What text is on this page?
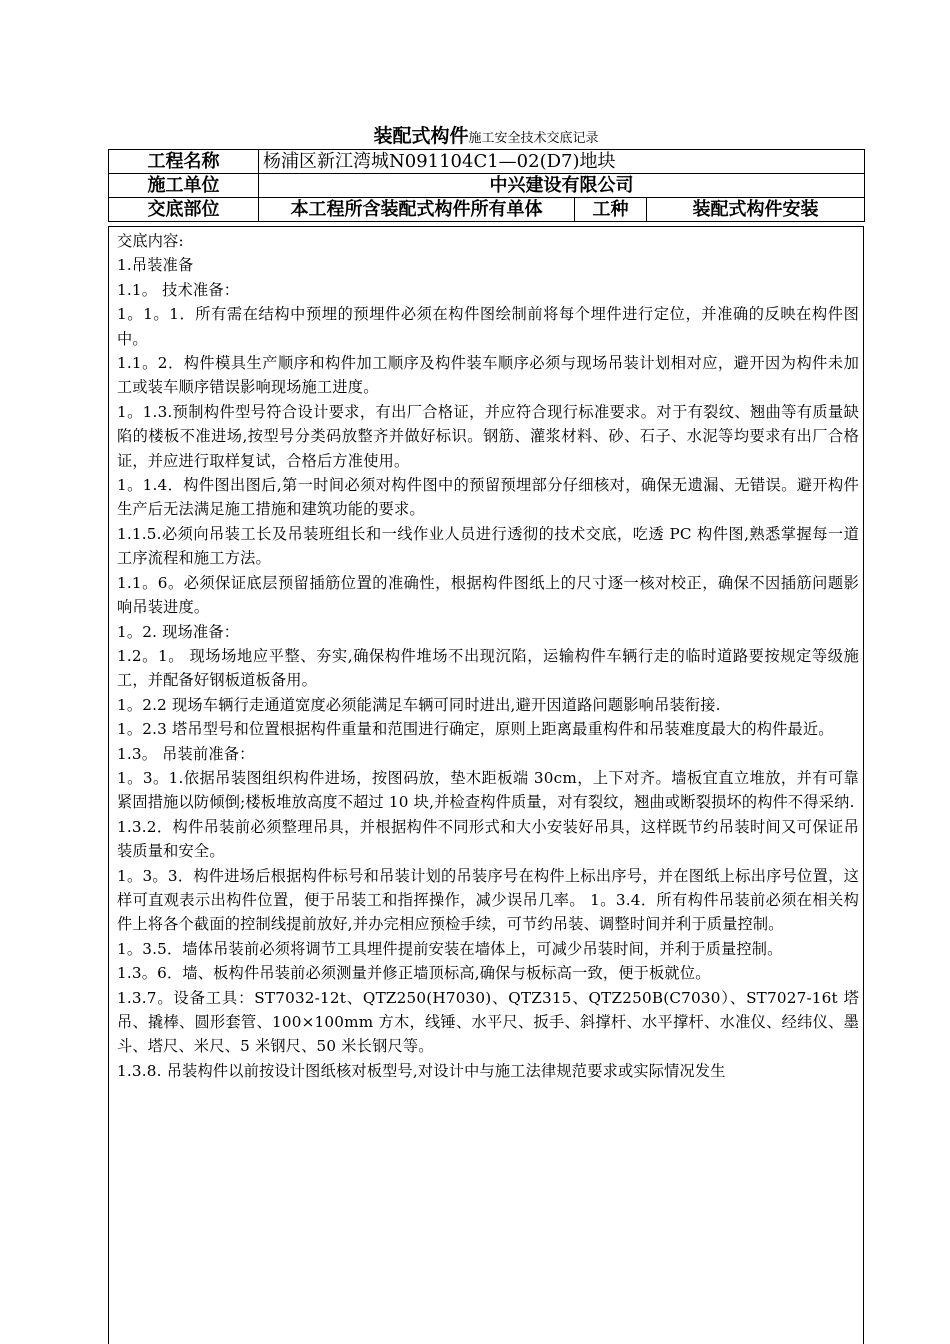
装配式构件施工安全技术交底记录
工程名称	杨浦区新江湾城N091104C1—02(D7)地块		
施工单位	中兴建设有限公司		
交底部位	本工程所含装配式构件所有单体	工种	装配式构件安装

交底内容:

1.吊装准备

1.1。 技术准备：

1。1。1．所有需在结构中预埋的预埋件必须在构件图绘制前将每个埋件进行定位，并准确的反映在构件图中。

1.1。2．构件模具生产顺序和构件加工顺序及构件装车顺序必须与现场吊装计划相对应，避开因为构件未加工或装车顺序错误影响现场施工进度。

1。1.3.预制构件型号符合设计要求，有出厂合格证，并应符合现行标准要求。对于有裂纹、翘曲等有质量缺陷的楼板不准进场,按型号分类码放整齐并做好标识。钢筋、灌浆材料、砂、石子、水泥等均要求有出厂合格证，并应进行取样复试，合格后方准使用。

1。1.4．构件图出图后,第一时间必须对构件图中的预留预埋部分仔细核对，确保无遗漏、无错误。避开构件生产后无法满足施工措施和建筑功能的要求。

1.1.5.必须向吊装工长及吊装班组长和一线作业人员进行透彻的技术交底，吃透 PC 构件图,熟悉掌握每一道工序流程和施工方法。

1.1。6。必须保证底层预留插筋位置的准确性，根据构件图纸上的尺寸逐一核对校正，确保不因插筋问题影响吊装进度。

1。2. 现场准备：

1.2。1。 现场场地应平整、夯实,确保构件堆场不出现沉陷，运输构件车辆行走的临时道路要按规定等级施工，并配备好钢板道板备用。

1。2.2 现场车辆行走通道宽度必须能满足车辆可同时进出,避开因道路问题影响吊装衔接.

1。2.3 塔吊型号和位置根据构件重量和范围进行确定，原则上距离最重构件和吊装难度最大的构件最近。

1.3。 吊装前准备：

1。3。1.依据吊装图组织构件进场，按图码放，垫木距板端 30cm，上下对齐。墙板宜直立堆放，并有可靠紧固措施以防倾倒;楼板堆放高度不超过 10 块,并检查构件质量，对有裂纹，翘曲或断裂损坏的构件不得采纳.

1.3.2．构件吊装前必须整理吊具，并根据构件不同形式和大小安装好吊具，这样既节约吊装时间又可保证吊装质量和安全。

1。3。3．构件进场后根据构件标号和吊装计划的吊装序号在构件上标出序号，并在图纸上标出序号位置，这样可直观表示出构件位置，便于吊装工和指挥操作，减少误吊几率。 1。3.4．所有构件吊装前必须在相关构件上将各个截面的控制线提前放好,并办完相应预检手续，可节约吊装、调整时间并利于质量控制。

1。3.5．墙体吊装前必须将调节工具埋件提前安装在墙体上，可减少吊装时间，并利于质量控制。

1.3。6．墙、板构件吊装前必须测量并修正墙顶标高,确保与板标高一致，便于板就位。

1.3.7。设备工具：ST7032-12t、QTZ250(H7030)、QTZ315、QTZ250B(C7030）、ST7027-16t 塔吊、撬棒、圆形套管、100×100mm 方木，线锤、水平尺、扳手、斜撑杆、水平撑杆、水准仪、经纬仪、墨斗、塔尺、米尺、5 米钢尺、50 米长钢尺等。

1.3.8. 吊装构件以前按设计图纸核对板型号,对设计中与施工法律规范要求或实际情况发生
